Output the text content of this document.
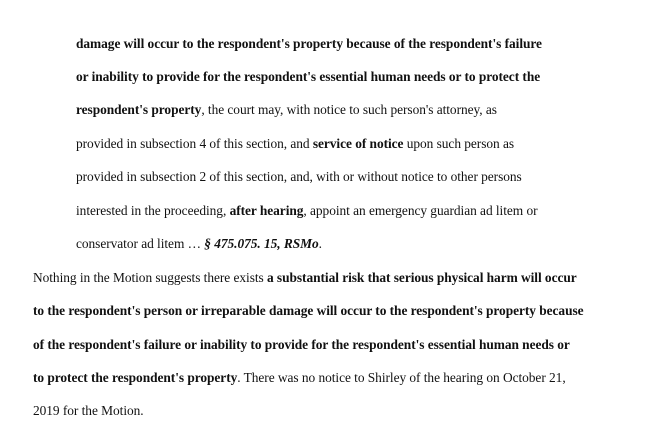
damage will occur to the respondent's property because of the respondent's failure
or inability to provide for the respondent's essential human needs or to protect the
respondent's property, the court may, with notice to such person's attorney, as
provided in subsection 4 of this section, and service of notice upon such person as
provided in subsection 2 of this section, and, with or without notice to other persons
interested in the proceeding, after hearing, appoint an emergency guardian ad litem or
conservator ad litem … § 475.075. 15, RSMo.
Nothing in the Motion suggests there exists a substantial risk that serious physical harm will occur
to the respondent's person or irreparable damage will occur to the respondent's property because
of the respondent's failure or inability to provide for the respondent's essential human needs or
to protect the respondent's property. There was no notice to Shirley of the hearing on October 21,
2019 for the Motion.
